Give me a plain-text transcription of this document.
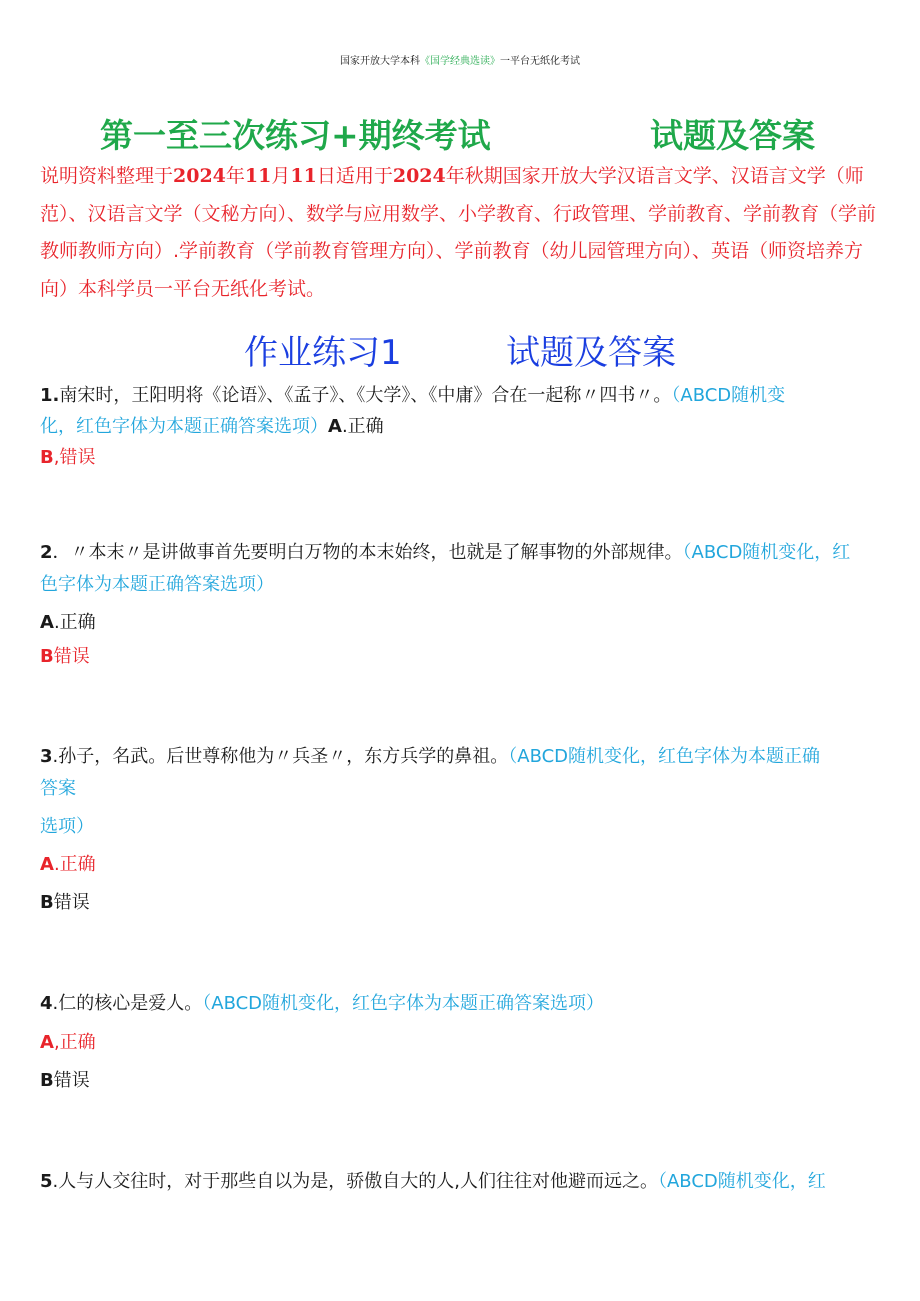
国家开放大学本科《国学经典选读》一平台无纸化考试
第一至三次练习+期终考试	试题及答案
说明资料整理于2024年11月11日适用于2024年秋期国家开放大学汉语言文学、汉语言文学（师范）、汉语言文学（文秘方向）、数学与应用数学、小学教育、行政管理、学前教育、学前教育（学前教师教师方向）.学前教育（学前教育管理方向）、学前教育（幼儿园管理方向）、英语（师资培养方向）本科学员一平台无纸化考试。
作业练习1	试题及答案
1.南宋时，王阳明将《论语》、《孟子》、《大学》、《中庸》合在一起称〃四书〃。（ABCD随机变
化，红色字体为本题正确答案选项）A.正确
B,错误
2．〃本末〃是讲做事首先要明白万物的本末始终，也就是了解事物的外部规律。（ABCD随机变化，红
色字体为本题正确答案选项）
A.正确
B错误
3.孙子，名武。后世尊称他为〃兵圣〃，东方兵学的鼻祖。（ABCD随机变化，红色字体为本题正确
答案
选项）
A.正确
B错误
4.仁的核心是爱人。（ABCD随机变化，红色字体为本题正确答案选项）
A,正确
B错误
5.人与人交往时，对于那些自以为是，骄傲自大的人,人们往往对他避而远之。（ABCD随机变化，红
